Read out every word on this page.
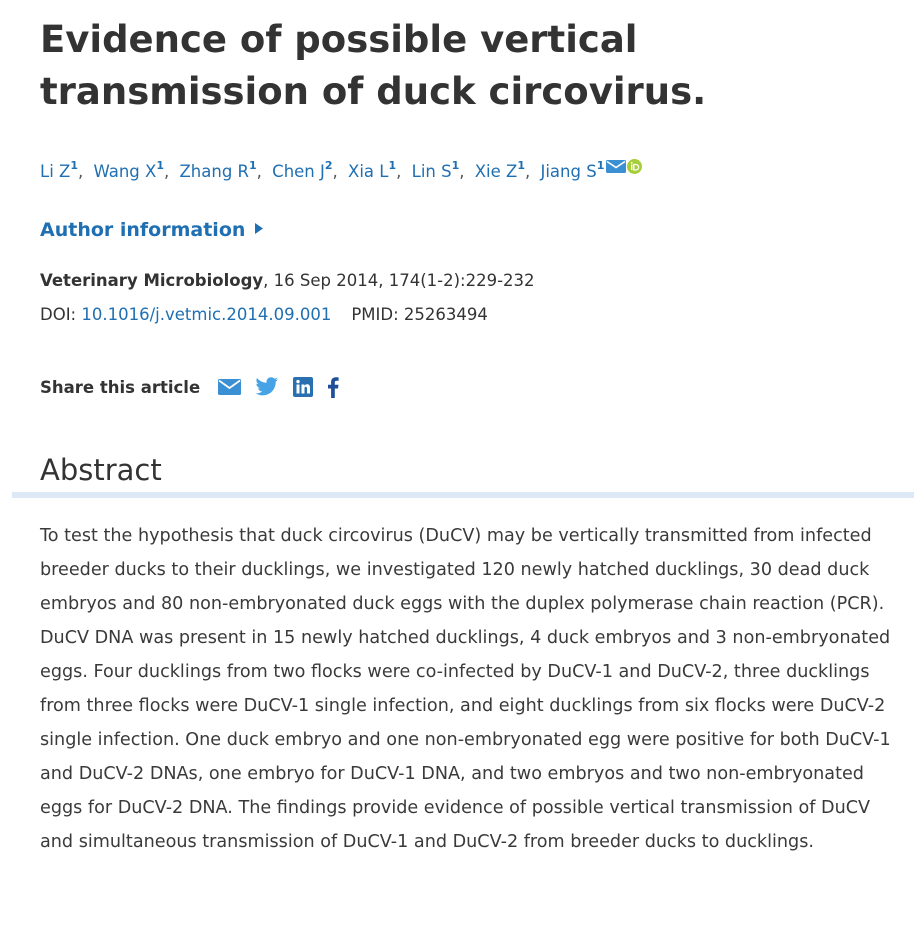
Evidence of possible vertical transmission of duck circovirus.

Li $Z^1$, Wang $X^1$, Zhang $R^1$, Chen $J^2$, Xia $L^1$, Lin $S^1$, Xie $Z^1$, Jiang $S^1$

Author information

Veterinary Microbiology, 16 Sep 2014, 174(1-2):229-232

DOI: 10.1016/j.vetmic.2014.09.001 PMID: 25263494

Share this article
Abstract

To test the hypothesis that duck circovirus (DuCV) may be vertically transmitted from infected breeder ducks to their ducklings, we investigated 120 newly hatched ducklings, 30 dead duck embryos and 80 non-embryonated duck eggs with the duplex polymerase chain reaction (PCR). DuCV DNA was present in 15 newly hatched ducklings, 4 duck embryos and 3 non-embryonated eggs. Four ducklings from two flocks were co-infected by DuCV-1 and DuCV-2, three ducklings from three flocks were DuCV-1 single infection, and eight ducklings from six flocks were DuCV-2 single infection. One duck embryo and one non-embryonated egg were positive for both DuCV-1 and DuCV-2 DNAs, one embryo for DuCV-1 DNA, and two embryos and two non-embryonated eggs for DuCV-2 DNA. The findings provide evidence of possible vertical transmission of DuCV and simultaneous transmission of DuCV-1 and DuCV-2 from breeder ducks to ducklings.
